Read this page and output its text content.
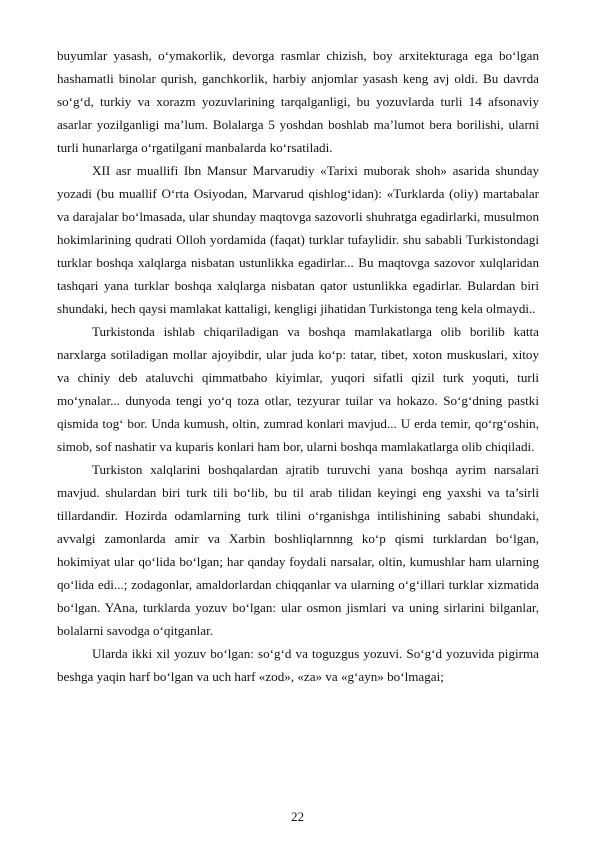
buyumlar yasash, o‘ymakorlik, devorga rasmlar chizish, boy arxitekturaga ega bo‘lgan hashamatli binolar qurish, ganchkorlik, harbiy anjomlar yasash keng avj oldi. Bu davrda so‘g‘d, turkiy va xorazm yozuvlarining tarqalganligi, bu yozuvlarda turli 14 afsonaviy asarlar yozilganligi ma’lum. Bolalarga 5 yoshdan boshlab ma’lumot bera borilishi, ularni turli hunarlarga o‘rgatilgani manbalarda ko‘rsatiladi.

XII asr muallifi Ibn Mansur Marvarudiy «Tarixi muborak shoh» asarida shunday yozadi (bu muallif O‘rta Osiyodan, Marvarud qishlog‘idan): «Turklarda (oliy) martabalar va darajalar bo‘lmasada, ular shunday maqtovga sazovorli shuhratga egadirlarki, musulmon hokimlarining qudrati Olloh yordamida (faqat) turklar tufaylidir. shu sababli Turkistondagi turklar boshqa xalqlarga nisbatan ustunlikka egadirlar... Bu maqtovga sazovor xulqlaridan tashqari yana turklar boshqa xalqlarga nisbatan qator ustunlikka egadirlar. Bulardan biri shundaki, hech qaysi mamlakat kattaligi, kengligi jihatidan Turkistonga teng kela olmaydi..

Turkistonda ishlab chiqariladigan va boshqa mamlakatlarga olib borilib katta narxlarga sotiladigan mollar ajoyibdir, ular juda ko‘p: tatar, tibet, xoton muskuslari, xitoy va chiniy deb ataluvchi qimmatbaho kiyimlar, yuqori sifatli qizil turk yoquti, turli mo‘ynalar... dunyoda tengi yo‘q toza otlar, tezyurar tuilar va hokazo. So‘g‘dning pastki qismida tog‘ bor. Unda kumush, oltin, zumrad konlari mavjud... U erda temir, qo‘rg‘oshin, simob, sof nashatir va kuparis konlari ham bor, ularni boshqa mamlakatlarga olib chiqiladi.

Turkiston xalqlarini boshqalardan ajratib turuvchi yana boshqa ayrim narsalari mavjud. shulardan biri turk tili bo‘lib, bu til arab tilidan keyingi eng yaxshi va ta’sirli tillardandir. Hozirda odamlarning turk tilini o‘rganishga intilishining sababi shundaki, avvalgi zamonlarda amir va Xarbin boshliqlarnnng ko‘p qismi turklardan bo‘lgan, hokimiyat ular qo‘lida bo‘lgan; har qanday foydali narsalar, oltin, kumushlar ham ularning qo‘lida edi...; zodagonlar, amaldorlardan chiqqanlar va ularning o‘g‘illari turklar xizmatida bo‘lgan. YAna, turklarda yozuv bo‘lgan: ular osmon jismlari va uning sirlarini bilganlar, bolalarni savodga o‘qitganlar.

Ularda ikki xil yozuv bo‘lgan: so‘g‘d va toguzgus yozuvi. So‘g‘d yozuvida pigirma beshga yaqin harf bo‘lgan va uch harf «zod», «za» va «g‘ayn» bo‘lmagai;

22
